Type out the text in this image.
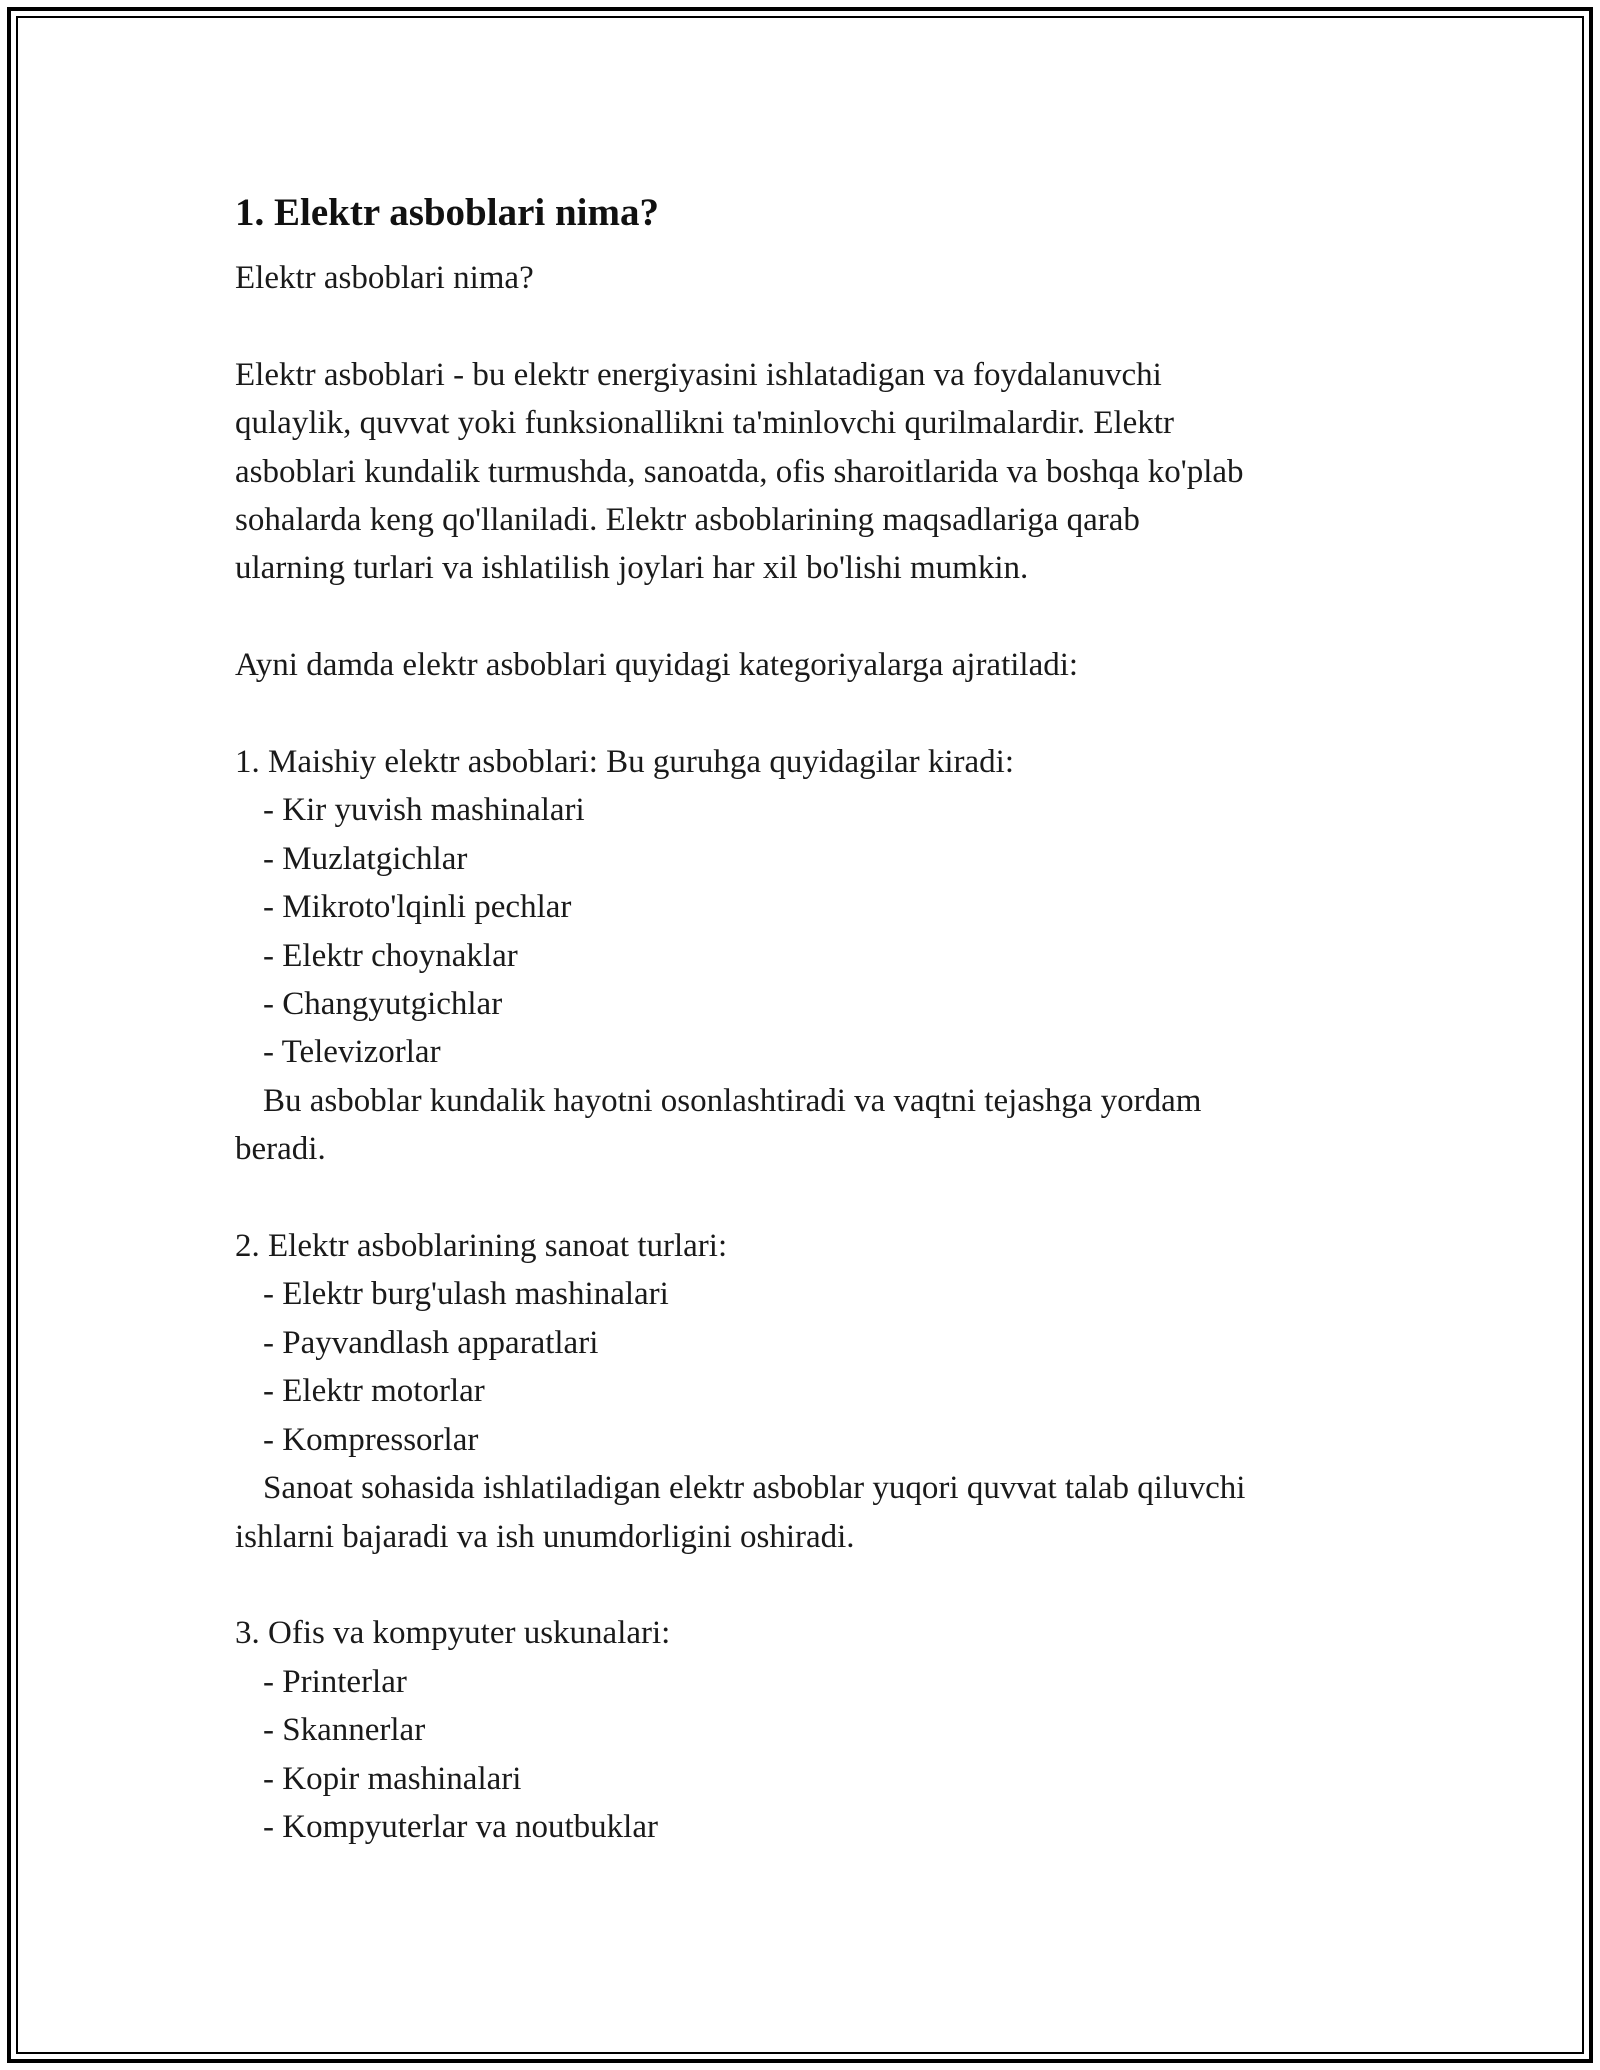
1. Elektr asboblari nima?

Elektr asboblari nima?

Elektr asboblari - bu elektr energiyasini ishlatadigan va foydalanuvchi

qulaylik, quvvat yoki funksionallikni ta'minlovchi qurilmalardir. Elektr

asboblari kundalik turmushda, sanoatda, ofis sharoitlarida va boshqa ko'plab

sohalarda keng qo'llaniladi. Elektr asboblarining maqsadlariga qarab

ularning turlari va ishlatilish joylari har xil bo'lishi mumkin.

Ayni damda elektr asboblari quyidagi kategoriyalarga ajratiladi:

1. Maishiy elektr asboblari: Bu guruhga quyidagilar kiradi:

- Kir yuvish mashinalari

- Muzlatgichlar

- Mikroto'lqinli pechlar

- Elektr choynaklar

- Changyutgichlar

- Televizorlar

Bu asboblar kundalik hayotni osonlashtiradi va vaqtni tejashga yordam

beradi.

2. Elektr asboblarining sanoat turlari:

- Elektr burg'ulash mashinalari

- Payvandlash apparatlari

- Elektr motorlar

- Kompressorlar

Sanoat sohasida ishlatiladigan elektr asboblar yuqori quvvat talab qiluvchi

ishlarni bajaradi va ish unumdorligini oshiradi.

3. Ofis va kompyuter uskunalari:

- Printerlar

- Skannerlar

- Kopir mashinalari

- Kompyuterlar va noutbuklar
